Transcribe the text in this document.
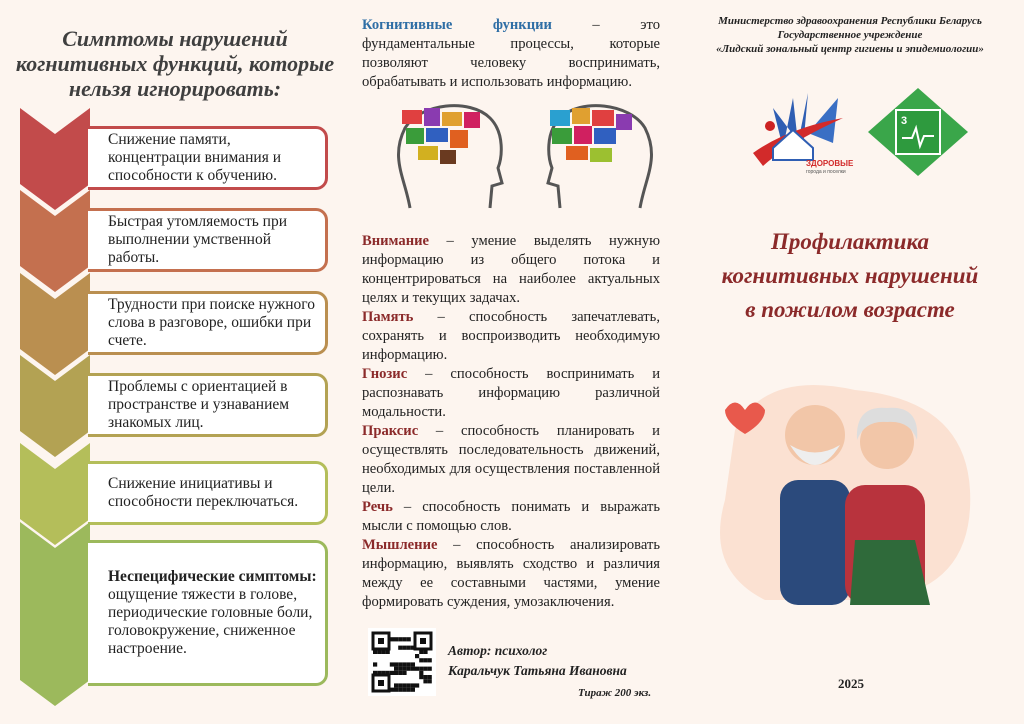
Симптомы нарушений когнитивных функций, которые нельзя игнорировать:
Снижение памяти, концентрации внимания и способности к обучению.
Быстрая утомляемость при выполнении умственной работы.
Трудности при поиске нужного слова в разговоре, ошибки при счете.
Проблемы с ориентацией в пространстве и узнаванием знакомых лиц.
Снижение инициативы и способности переключаться.
Неспецифические симптомы: ощущение тяжести в голове, периодические головные боли, головокружение, сниженное настроение.

Когнитивные функции – это фундаментальные процессы, которые позволяют человеку воспринимать, обрабатывать и использовать информацию.

Внимание – умение выделять нужную информацию из общего потока и концентрироваться на наиболее актуальных целях и текущих задачах.

Память – способность запечатлевать, сохранять и воспроизводить необходимую информацию.

Гнозис – способность воспринимать и распознавать информацию различной модальности.

Праксис – способность планировать и осуществлять последовательность движений, необходимых для осуществления поставленной цели.

Речь – способность понимать и выражать мысли с помощью слов.

Мышление – способность анализировать информацию, выявлять сходство и различия между ее составными частями, умение формировать суждения, умозаключения.

Автор: психолог
Каральчук Татьяна Ивановна
Тираж 200 экз.
Министерство здравоохранения Республики Беларусь
Государственное учреждение
«Лидский зональный центр гигиены и эпидемиологии»
ЗДОРОВЫЕ
города и поселки
3
Профилактика
когнитивных нарушений
в пожилом возрасте
2025
